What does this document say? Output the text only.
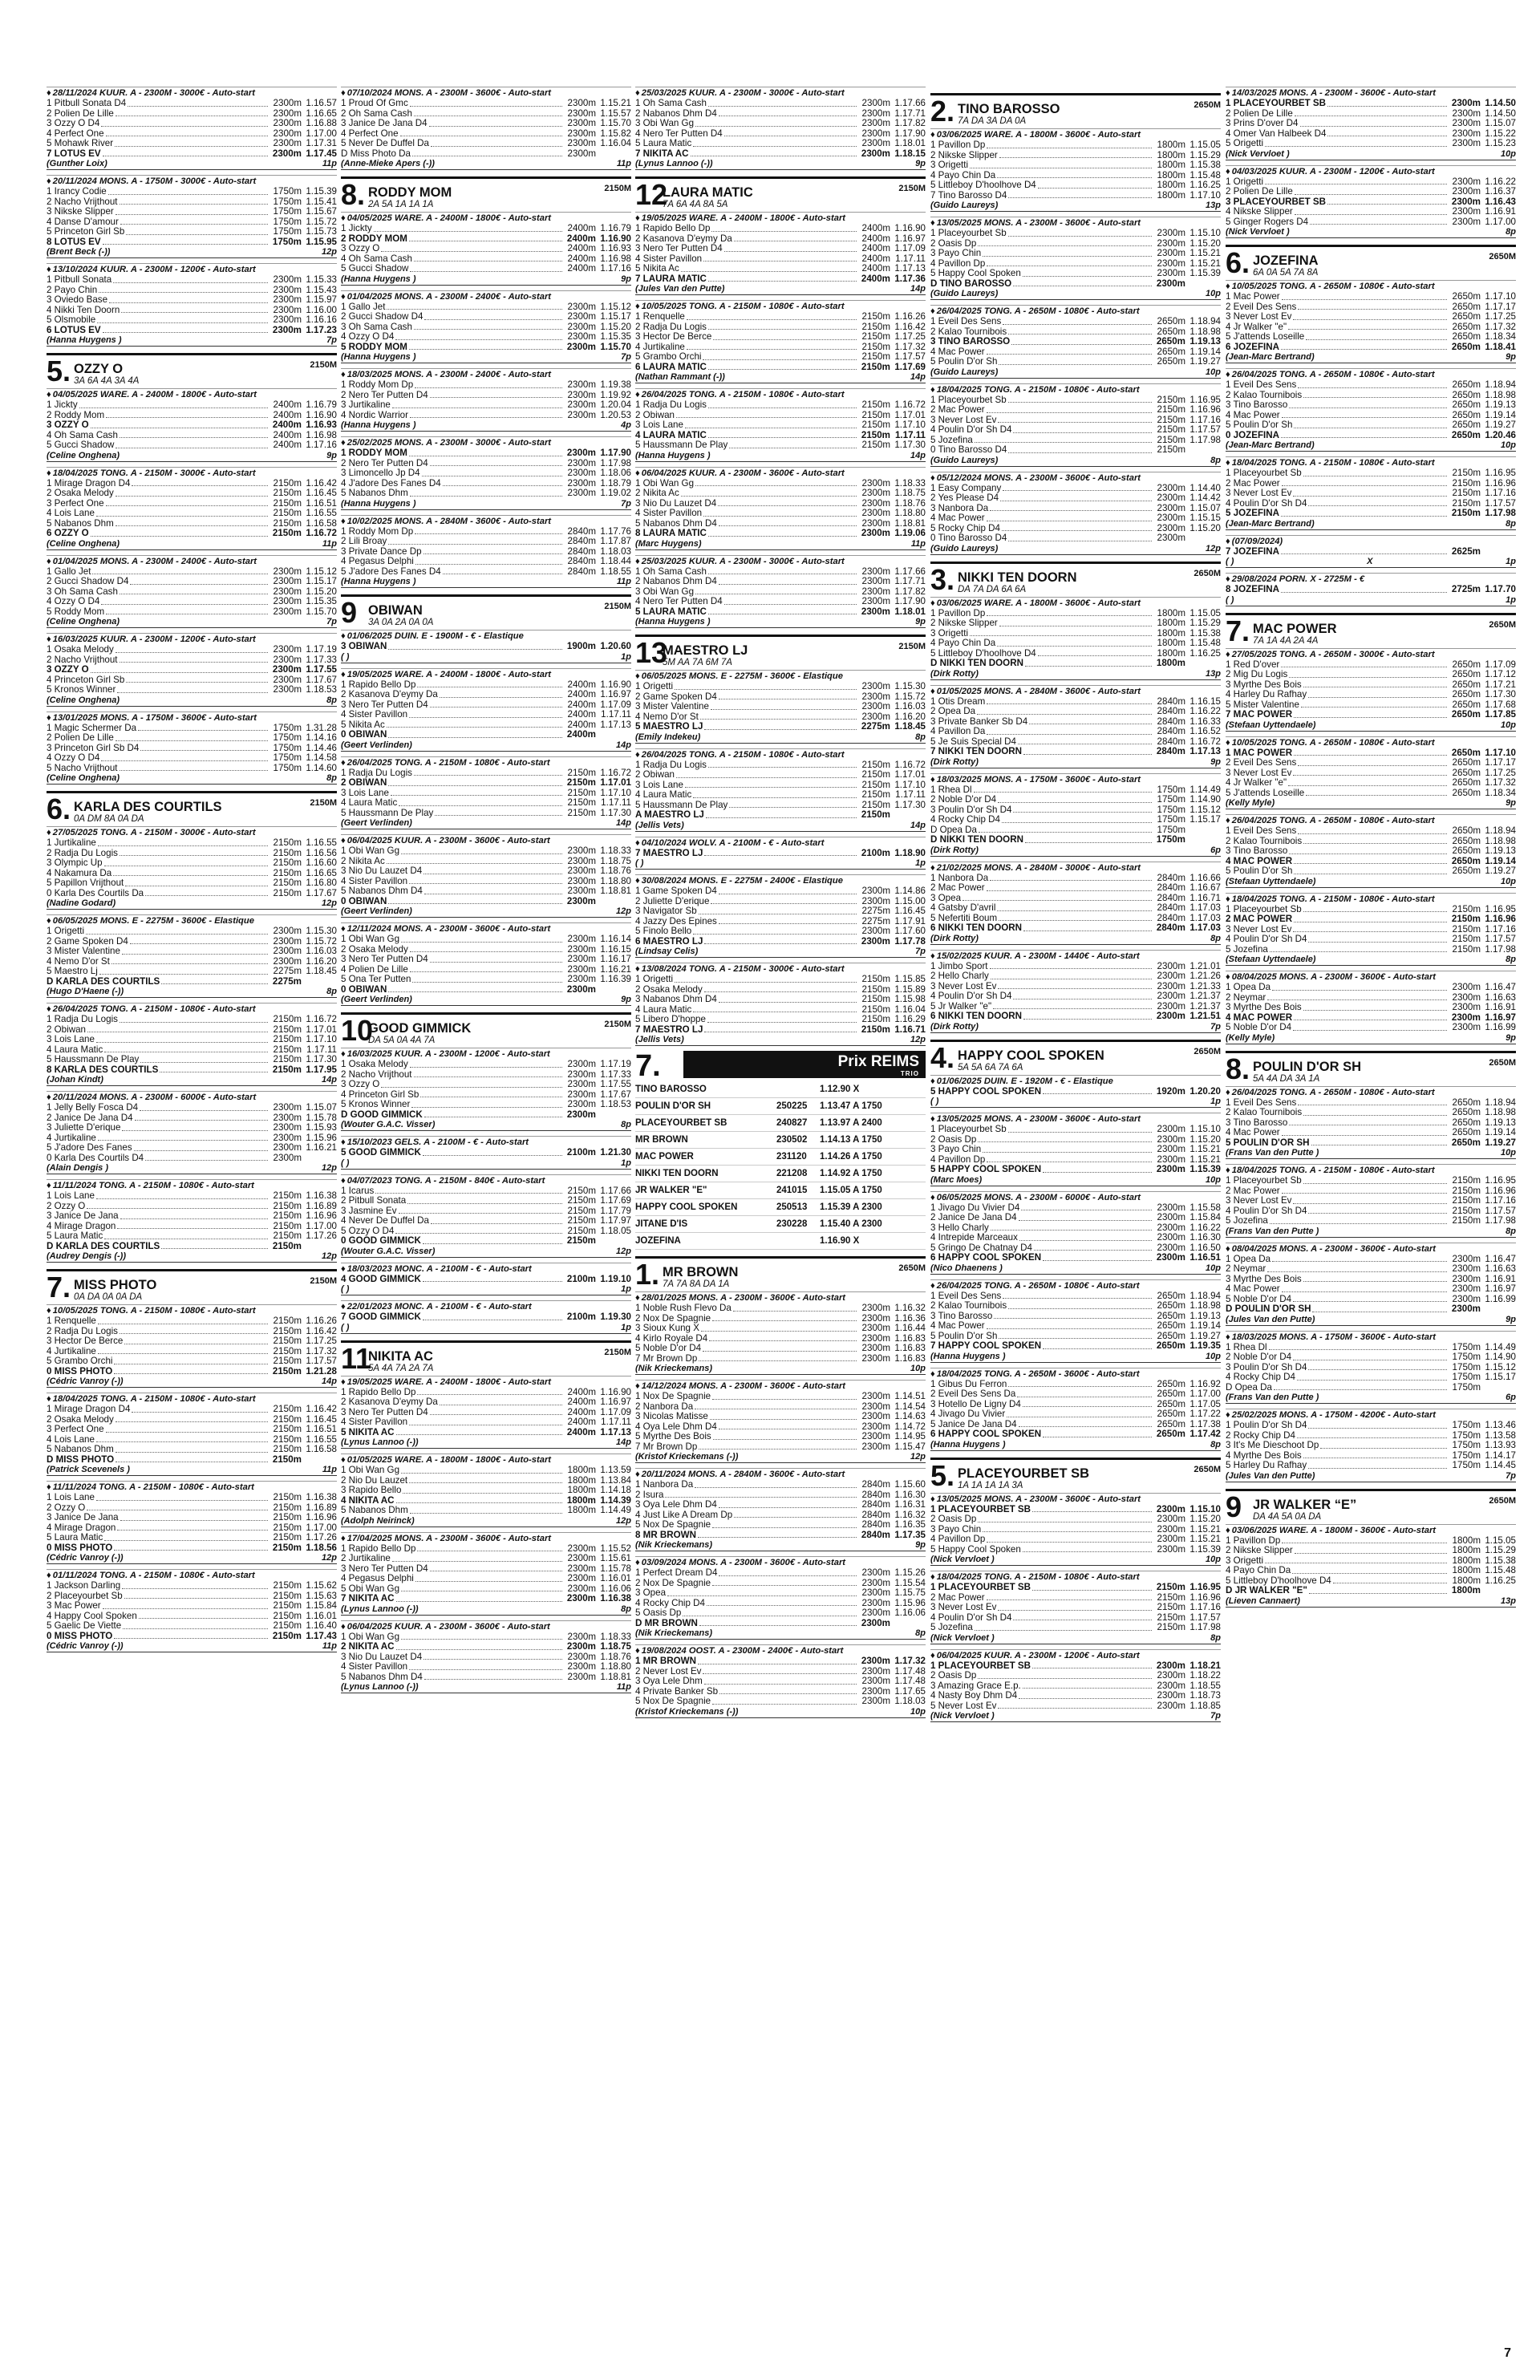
♦ 28/11/2024 KUUR. A - 2300M - 3000€ - Auto-start
1 Pitbull Sonata D4	2300m 1.16.57
2 Polien De Lille	2300m 1.16.65
3 Ozzy O D4	2300m 1.16.88
4 Perfect One	2300m 1.17.00
5 Mohawk River	2300m 1.17.31
7 LOTUS EV	2300m 1.17.45
(Gunther Loix)	11p
♦ 20/11/2024 MONS. A - 1750M - 3000€ - Auto-start
1 Irancy Codie	1750m 1.15.39
2 Nacho Vrijthout	1750m 1.15.41
3 Nikske Slipper	1750m 1.15.67
4 Danse D'amour	1750m 1.15.72
5 Princeton Girl Sb	1750m 1.15.73
8 LOTUS EV	1750m 1.15.95
(Brent Beck (-))	12p
♦ 13/10/2024 KUUR. A - 2300M - 1200€ - Auto-start
1 Pitbull Sonata	2300m 1.15.33
2 Payo Chin	2300m 1.15.43
3 Oviedo Base	2300m 1.15.97
4 Nikki Ten Doorn	2300m 1.16.00
5 Olsmobile	2300m 1.16.16
6 LOTUS EV	2300m 1.17.23
(Hanna Huygens )	7p
5. OZZY O
3A 6A 4A 3A 4A
2150M
♦ 04/05/2025 WARE. A - 2400M - 1800€ - Auto-start
1 Jickty	2400m 1.16.79
2 Roddy Mom	2400m 1.16.90
3 OZZY O	2400m 1.16.93
4 Oh Sama Cash	2400m 1.16.98
5 Gucci Shadow	2400m 1.17.16
(Celine Onghena)	9p
♦ 18/04/2025 TONG. A - 2150M - 3000€ - Auto-start
1 Mirage Dragon D4	2150m 1.16.42
2 Osaka Melody	2150m 1.16.45
3 Perfect One	2150m 1.16.51
4 Lois Lane	2150m 1.16.55
5 Nabanos Dhm	2150m 1.16.58
6 OZZY O	2150m 1.16.72
(Celine Onghena)	11p
♦ 01/04/2025 MONS. A - 2300M - 2400€ - Auto-start
1 Gallo Jet	2300m 1.15.12
2 Gucci Shadow D4	2300m 1.15.17
3 Oh Sama Cash	2300m 1.15.20
4 Ozzy O D4	2300m 1.15.35
5 Roddy Mom	2300m 1.15.70
(Celine Onghena)	7p
♦ 16/03/2025 KUUR. A - 2300M - 1200€ - Auto-start
1 Osaka Melody	2300m 1.17.19
2 Nacho Vrijthout	2300m 1.17.33
3 OZZY O	2300m 1.17.55
4 Princeton Girl Sb	2300m 1.17.67
5 Kronos Winner	2300m 1.18.53
(Celine Onghena)	8p
♦ 13/01/2025 MONS. A - 1750M - 3600€ - Auto-start
1 Magic Schermer Da	1750m 1.31.28
2 Polien De Lille	1750m 1.14.16
3 Princeton Girl Sb D4	1750m 1.14.46
4 Ozzy O D4	1750m 1.14.58
5 Nacho Vrijthout	1750m 1.14.60
(Celine Onghena)	8p
6. KARLA DES COURTILS
0A DM 8A 0A DA
2150M
♦ 27/05/2025 TONG. A - 2150M - 3000€ - Auto-start
1 Jurtikaline	2150m 1.16.55
2 Radja Du Logis	2150m 1.16.56
3 Olympic Up	2150m 1.16.60
4 Nakamura Da	2150m 1.16.65
5 Papillon Vrijthout	2150m 1.16.80
0 Karla Des Courtils Da	2150m 1.17.67
(Nadine Godard)	12p
♦ 06/05/2025 MONS. E - 2275M - 3600€ - Elastique
1 Origetti	2300m 1.15.30
2 Game Spoken D4	2300m 1.15.72
3 Mister Valentine	2300m 1.16.03
4 Nemo D'or St	2300m 1.16.20
5 Maestro Lj	2275m 1.18.45
D KARLA DES COURTILS	2275m
(Hugo D'Haene (-))	8p
♦ 26/04/2025 TONG. A - 2150M - 1080€ - Auto-start
1 Radja Du Logis	2150m 1.16.72
2 Obiwan	2150m 1.17.01
3 Lois Lane	2150m 1.17.10
4 Laura Matic	2150m 1.17.11
5 Haussmann De Play	2150m 1.17.30
8 KARLA DES COURTILS	2150m 1.17.95
(Johan Kindt)	14p
♦ 20/11/2024 MONS. A - 2300M - 6000€ - Auto-start
1 Jelly Belly Fosca D4	2300m 1.15.07
2 Janice De Jana D4	2300m 1.15.78
3 Juliette D'erique	2300m 1.15.93
4 Jurtikaline	2300m 1.15.96
5 J'adore Des Fanes	2300m 1.16.21
0 Karla Des Courtils D4	2300m
(Alain Dengis )	12p
♦ 11/11/2024 TONG. A - 2150M - 1080€ - Auto-start
1 Lois Lane	2150m 1.16.38
2 Ozzy O	2150m 1.16.89
3 Janice De Jana	2150m 1.16.96
4 Mirage Dragon	2150m 1.17.00
5 Laura Matic	2150m 1.17.26
D KARLA DES COURTILS	2150m
(Audrey Dengis (-))	12p
7. MISS PHOTO
0A DA 0A 0A DA
2150M
♦ 10/05/2025 TONG. A - 2150M - 1080€ - Auto-start
1 Renquelle	2150m 1.16.26
2 Radja Du Logis	2150m 1.16.42
3 Hector De Berce	2150m 1.17.25
4 Jurtikaline	2150m 1.17.32
5 Grambo Orchi	2150m 1.17.57
0 MISS PHOTO	2150m 1.21.28
(Cédric Vanroy (-))	14p
♦ 18/04/2025 TONG. A - 2150M - 1080€ - Auto-start
1 Mirage Dragon D4	2150m 1.16.42
2 Osaka Melody	2150m 1.16.45
3 Perfect One	2150m 1.16.51
4 Lois Lane	2150m 1.16.55
5 Nabanos Dhm	2150m 1.16.58
D MISS PHOTO	2150m
(Patrick Scevenels )	11p
♦ 11/11/2024 TONG. A - 2150M - 1080€ - Auto-start
1 Lois Lane	2150m 1.16.38
2 Ozzy O	2150m 1.16.89
3 Janice De Jana	2150m 1.16.96
4 Mirage Dragon	2150m 1.17.00
5 Laura Matic	2150m 1.17.26
0 MISS PHOTO	2150m 1.18.56
(Cédric Vanroy (-))	12p
♦ 01/11/2024 TONG. A - 2150M - 1080€ - Auto-start
1 Jackson Darling	2150m 1.15.62
2 Placeyourbet Sb	2150m 1.15.63
3 Mac Power	2150m 1.15.84
4 Happy Cool Spoken	2150m 1.16.01
5 Gaelic De Viette	2150m 1.16.40
0 MISS PHOTO	2150m 1.17.43
(Cédric Vanroy (-))	11p
♦ 07/10/2024 MONS. A - 2300M - 3600€ - Auto-start
1 Proud Of Gmc	2300m 1.15.21
2 Oh Sama Cash	2300m 1.15.57
3 Janice De Jana D4	2300m 1.15.70
4 Perfect One	2300m 1.15.82
5 Never De Duffel Da	2300m 1.16.04
D Miss Photo Da	2300m
(Anne-Mieke Apers (-))	11p
8. RODDY MOM
2A 5A 1A 1A 1A
2150M
♦ 04/05/2025 WARE. A - 2400M - 1800€ - Auto-start
1 Jickty	2400m 1.16.79
2 RODDY MOM	2400m 1.16.90
3 Ozzy O	2400m 1.16.93
4 Oh Sama Cash	2400m 1.16.98
5 Gucci Shadow	2400m 1.17.16
(Hanna Huygens )	9p
♦ 01/04/2025 MONS. A - 2300M - 2400€ - Auto-start
1 Gallo Jet	2300m 1.15.12
2 Gucci Shadow D4	2300m 1.15.17
3 Oh Sama Cash	2300m 1.15.20
4 Ozzy O D4	2300m 1.15.35
5 RODDY MOM	2300m 1.15.70
(Hanna Huygens )	7p
♦ 18/03/2025 MONS. A - 2300M - 2400€ - Auto-start
1 Roddy Mom Dp	2300m 1.19.38
2 Nero Ter Putten D4	2300m 1.19.92
3 Jurtikaline	2300m 1.20.04
4 Nordic Warrior	2300m 1.20.53
(Hanna Huygens )	4p
♦ 25/02/2025 MONS. A - 2300M - 3000€ - Auto-start
1 RODDY MOM	2300m 1.17.90
2 Nero Ter Putten D4	2300m 1.17.98
3 Limoncello Jp D4	2300m 1.18.06
4 J'adore Des Fanes D4	2300m 1.18.79
5 Nabanos Dhm	2300m 1.19.02
(Hanna Huygens )	7p
♦ 10/02/2025 MONS. A - 2840M - 3600€ - Auto-start
1 Roddy Mom Dp	2840m 1.17.76
2 Lili Broay	2840m 1.17.87
3 Private Dance Dp	2840m 1.18.03
4 Pegasus Delphi	2840m 1.18.44
5 J'adore Des Fanes D4	2840m 1.18.55
(Hanna Huygens )	11p
9 OBIWAN
3A 0A 2A 0A 0A
2150M
♦ 01/06/2025 DUIN. E - 1900M - € - Elastique
3 OBIWAN	1900m 1.20.60
( )	1p
♦ 19/05/2025 WARE. A - 2400M - 1800€ - Auto-start
1 Rapido Bello Dp	2400m 1.16.90
2 Kasanova D'eymy Da	2400m 1.16.97
3 Nero Ter Putten D4	2400m 1.17.09
4 Sister Pavillon	2400m 1.17.11
5 Nikita Ac	2400m 1.17.13
0 OBIWAN	2400m
(Geert Verlinden)	14p
♦ 26/04/2025 TONG. A - 2150M - 1080€ - Auto-start
1 Radja Du Logis	2150m 1.16.72
2 OBIWAN	2150m 1.17.01
3 Lois Lane	2150m 1.17.10
4 Laura Matic	2150m 1.17.11
5 Haussmann De Play	2150m 1.17.30
(Geert Verlinden)	14p
♦ 06/04/2025 KUUR. A - 2300M - 3600€ - Auto-start
1 Obi Wan Gg	2300m 1.18.33
2 Nikita Ac	2300m 1.18.75
3 Nio Du Lauzet D4	2300m 1.18.76
4 Sister Pavillon	2300m 1.18.80
5 Nabanos Dhm D4	2300m 1.18.81
0 OBIWAN	2300m
(Geert Verlinden)	12p
♦ 12/11/2024 MONS. A - 2300M - 3600€ - Auto-start
1 Obi Wan Gg	2300m 1.16.14
2 Osaka Melody	2300m 1.16.15
3 Nero Ter Putten D4	2300m 1.16.17
4 Polien De Lille	2300m 1.16.21
5 Ona Ter Putten	2300m 1.16.39
0 OBIWAN	2300m
(Geert Verlinden)	9p
10
GOOD GIMMICK
DA 5A 0A 4A 7A
2150M
♦ 16/03/2025 KUUR. A - 2300M - 1200€ - Auto-start
1 Osaka Melody	2300m 1.17.19
2 Nacho Vrijthout	2300m 1.17.33
3 Ozzy O	2300m 1.17.55
4 Princeton Girl Sb	2300m 1.17.67
5 Kronos Winner	2300m 1.18.53
D GOOD GIMMICK	2300m
(Wouter G.A.C. Visser)	8p
♦ 15/10/2023 GELS. A - 2100M - € - Auto-start
5 GOOD GIMMICK	2100m 1.21.30
( )	1p
♦ 04/07/2023 TONG. A - 2150M - 840€ - Auto-start
1 Icarus	2150m 1.17.66
2 Pitbull Sonata	2150m 1.17.69
3 Jasmine Ev	2150m 1.17.79
4 Never De Duffel Da	2150m 1.17.97
5 Ozzy O D4	2150m 1.18.05
0 GOOD GIMMICK	2150m
(Wouter G.A.C. Visser)	12p
♦ 18/03/2023 MONC. A - 2100M - € - Auto-start
4 GOOD GIMMICK	2100m 1.19.10
( )	1p
♦ 22/01/2023 MONC. A - 2100M - € - Auto-start
7 GOOD GIMMICK	2100m 1.19.30
( )	1p
11
NIKITA AC
5A 4A 7A 2A 7A
2150M
♦ 19/05/2025 WARE. A - 2400M - 1800€ - Auto-start
1 Rapido Bello Dp	2400m 1.16.90
2 Kasanova D'eymy Da	2400m 1.16.97
3 Nero Ter Putten D4	2400m 1.17.09
4 Sister Pavillon	2400m 1.17.11
5 NIKITA AC	2400m 1.17.13
(Lynus Lannoo (-))	14p
♦ 01/05/2025 WARE. A - 1800M - 1800€ - Auto-start
1 Obi Wan Gg	1800m 1.13.59
2 Nio Du Lauzet	1800m 1.13.84
3 Rapido Bello	1800m 1.14.18
4 NIKITA AC	1800m 1.14.39
5 Nabanos Dhm	1800m 1.14.49
(Adolph Neirinck)	12p
♦ 17/04/2025 MONS. A - 2300M - 3600€ - Auto-start
1 Rapido Bello Dp	2300m 1.15.52
2 Jurtikaline	2300m 1.15.61
3 Nero Ter Putten D4	2300m 1.15.78
4 Pegasus Delphi	2300m 1.16.01
5 Obi Wan Gg	2300m 1.16.06
7 NIKITA AC	2300m 1.16.38
(Lynus Lannoo (-))	8p
♦ 06/04/2025 KUUR. A - 2300M - 3600€ - Auto-start
1 Obi Wan Gg	2300m 1.18.33
2 NIKITA AC	2300m 1.18.75
3 Nio Du Lauzet D4	2300m 1.18.76
4 Sister Pavillon	2300m 1.18.80
5 Nabanos Dhm D4	2300m 1.18.81
(Lynus Lannoo (-))	11p
♦ 25/03/2025 KUUR. A - 2300M - 3000€ - Auto-start
1 Oh Sama Cash	2300m 1.17.66
2 Nabanos Dhm D4	2300m 1.17.71
3 Obi Wan Gg	2300m 1.17.82
4 Nero Ter Putten D4	2300m 1.17.90
5 Laura Matic	2300m 1.18.01
7 NIKITA AC	2300m 1.18.15
(Lynus Lannoo (-))	9p
12
LAURA MATIC
7A 6A 4A 8A 5A
2150M
♦ 19/05/2025 WARE. A - 2400M - 1800€ - Auto-start
1 Rapido Bello Dp	2400m 1.16.90
2 Kasanova D'eymy Da	2400m 1.16.97
3 Nero Ter Putten D4	2400m 1.17.09
4 Sister Pavillon	2400m 1.17.11
5 Nikita Ac	2400m 1.17.13
7 LAURA MATIC	2400m 1.17.36
(Jules Van den Putte)	14p
♦ 10/05/2025 TONG. A - 2150M - 1080€ - Auto-start
1 Renquelle	2150m 1.16.26
2 Radja Du Logis	2150m 1.16.42
3 Hector De Berce	2150m 1.17.25
4 Jurtikaline	2150m 1.17.32
5 Grambo Orchi	2150m 1.17.57
6 LAURA MATIC	2150m 1.17.69
(Nathan Rammant (-))	14p
♦ 26/04/2025 TONG. A - 2150M - 1080€ - Auto-start
1 Radja Du Logis	2150m 1.16.72
2 Obiwan	2150m 1.17.01
3 Lois Lane	2150m 1.17.10
4 LAURA MATIC	2150m 1.17.11
5 Haussmann De Play	2150m 1.17.30
(Hanna Huygens )	14p
♦ 06/04/2025 KUUR. A - 2300M - 3600€ - Auto-start
1 Obi Wan Gg	2300m 1.18.33
2 Nikita Ac	2300m 1.18.75
3 Nio Du Lauzet D4	2300m 1.18.76
4 Sister Pavillon	2300m 1.18.80
5 Nabanos Dhm D4	2300m 1.18.81
8 LAURA MATIC	2300m 1.19.06
(Marc Huygens)	11p
♦ 25/03/2025 KUUR. A - 2300M - 3000€ - Auto-start
1 Oh Sama Cash	2300m 1.17.66
2 Nabanos Dhm D4	2300m 1.17.71
3 Obi Wan Gg	2300m 1.17.82
4 Nero Ter Putten D4	2300m 1.17.90
5 LAURA MATIC	2300m 1.18.01
(Hanna Huygens )	9p
13
MAESTRO LJ
5M AA 7A 6M 7A
2150M
♦ 06/05/2025 MONS. E - 2275M - 3600€ - Elastique
1 Origetti	2300m 1.15.30
2 Game Spoken D4	2300m 1.15.72
3 Mister Valentine	2300m 1.16.03
4 Nemo D'or St	2300m 1.16.20
5 MAESTRO LJ	2275m 1.18.45
(Emily Indekeu)	8p
♦ 26/04/2025 TONG. A - 2150M - 1080€ - Auto-start
1 Radja Du Logis	2150m 1.16.72
2 Obiwan	2150m 1.17.01
3 Lois Lane	2150m 1.17.10
4 Laura Matic	2150m 1.17.11
5 Haussmann De Play	2150m 1.17.30
A MAESTRO LJ	2150m
(Jellis Vets)	14p
♦ 04/10/2024 WOLV. A - 2100M - € - Auto-start
7 MAESTRO LJ	2100m 1.18.90
( )	1p
♦ 30/08/2024 MONS. E - 2275M - 2400€ - Elastique
1 Game Spoken D4	2300m 1.14.86
2 Juliette D'erique	2300m 1.15.00
3 Navigator Sb	2275m 1.16.45
4 Jazzy Des Epines	2275m 1.17.91
5 Finolo Bello	2300m 1.17.60
6 MAESTRO LJ	2300m 1.17.78
(Lindsay Celis)	7p
♦ 13/08/2024 TONG. A - 2150M - 3000€ - Auto-start
1 Origetti	2150m 1.15.85
2 Osaka Melody	2150m 1.15.89
3 Nabanos Dhm D4	2150m 1.15.98
4 Laura Matic	2150m 1.16.04
5 Libero D'hoppe	2150m 1.16.29
7 MAESTRO LJ	2150m 1.16.71
(Jellis Vets)	12p
7.	Prix REIMS
TRIO
TINO BAROSSO	1.12.90 X
POULIN D'OR SH	250225	1.13.47 A 1750
PLACEYOURBET SB	240827	1.13.97 A 2400
MR BROWN	230502	1.14.13 A 1750
MAC POWER	231120	1.14.26 A 1750
NIKKI TEN DOORN	221208	1.14.92 A 1750
JR WALKER "E"	241015	1.15.05 A 1750
HAPPY COOL SPOKEN	250513	1.15.39 A 2300
JITANE D'IS	230228	1.15.40 A 2300
JOZEFINA	1.16.90 X
1. MR BROWN
7A 7A 8A DA 1A
2650M
♦ 28/01/2025 MONS. A - 2300M - 3600€ - Auto-start
1 Noble Rush Flevo Da	2300m 1.16.32
2 Nox De Spagnie	2300m 1.16.36
3 Sioux Kung X	2300m 1.16.44
4 Kirlo Royale D4	2300m 1.16.83
5 Noble D'or D4	2300m 1.16.83
7 Mr Brown Dp	2300m 1.16.83
(Nik Krieckemans)	10p
♦ 14/12/2024 MONS. A - 2300M - 3600€ - Auto-start
1 Nox De Spagnie	2300m 1.14.51
2 Nanbora Da	2300m 1.14.54
3 Nicolas Matisse	2300m 1.14.63
4 Oya Lele Dhm D4	2300m 1.14.72
5 Myrthe Des Bois	2300m 1.14.95
7 Mr Brown Dp	2300m 1.15.47
(Kristof Krieckemans (-))	12p
♦ 20/11/2024 MONS. A - 2840M - 3600€ - Auto-start
1 Nanbora Da	2840m 1.15.60
2 Isura	2840m 1.16.30
3 Oya Lele Dhm D4	2840m 1.16.31
4 Just Like A Dream Dp	2840m 1.16.32
5 Nox De Spagnie	2840m 1.16.35
8 MR BROWN	2840m 1.17.35
(Nik Krieckemans)	9p
♦ 03/09/2024 MONS. A - 2300M - 3600€ - Auto-start
1 Perfect Dream D4	2300m 1.15.26
2 Nox De Spagnie	2300m 1.15.54
3 Opea	2300m 1.15.75
4 Rocky Chip D4	2300m 1.15.96
5 Oasis Dp	2300m 1.16.06
D MR BROWN	2300m
(Nik Krieckemans)	8p
♦ 19/08/2024 OOST. A - 2300M - 2400€ - Auto-start
1 MR BROWN	2300m 1.17.32
2 Never Lost Ev	2300m 1.17.48
3 Oya Lele Dhm	2300m 1.17.48
4 Private Banker Sb	2300m 1.17.65
5 Nox De Spagnie	2300m 1.18.03
(Kristof Krieckemans (-))	10p
2. TINO BAROSSO
7A DA 3A DA 0A
2650M
♦ 03/06/2025 WARE. A - 1800M - 3600€ - Auto-start
1 Pavillon Dp	1800m 1.15.05
2 Nikske Slipper	1800m 1.15.29
3 Origetti	1800m 1.15.38
4 Payo Chin Da	1800m 1.15.48
5 Littleboy D'hoolhove D4	1800m 1.16.25
7 Tino Barosso D4	1800m 1.17.10
(Guido Laureys)	13p
♦ 13/05/2025 MONS. A - 2300M - 3600€ - Auto-start
1 Placeyourbet Sb	2300m 1.15.10
2 Oasis Dp	2300m 1.15.20
3 Payo Chin	2300m 1.15.21
4 Pavillon Dp	2300m 1.15.21
5 Happy Cool Spoken	2300m 1.15.39
D TINO BAROSSO	2300m
(Guido Laureys)	10p
♦ 26/04/2025 TONG. A - 2650M - 1080€ - Auto-start
1 Eveil Des Sens	2650m 1.18.94
2 Kalao Tournibois	2650m 1.18.98
3 TINO BAROSSO	2650m 1.19.13
4 Mac Power	2650m 1.19.14
5 Poulin D'or Sh	2650m 1.19.27
(Guido Laureys)	10p
♦ 18/04/2025 TONG. A - 2150M - 1080€ - Auto-start
1 Placeyourbet Sb	2150m 1.16.95
2 Mac Power	2150m 1.16.96
3 Never Lost Ev	2150m 1.17.16
4 Poulin D'or Sh D4	2150m 1.17.57
5 Jozefina	2150m 1.17.98
0 Tino Barosso D4	2150m
(Guido Laureys)	8p
♦ 05/12/2024 MONS. A - 2300M - 3600€ - Auto-start
1 Easy Company	2300m 1.14.40
2 Yes Please D4	2300m 1.14.42
3 Nanbora Da	2300m 1.15.07
4 Mac Power	2300m 1.15.15
5 Rocky Chip D4	2300m 1.15.20
0 Tino Barosso D4	2300m
(Guido Laureys)	12p
3. NIKKI TEN DOORN
DA 7A DA 6A 6A
2650M
♦ 03/06/2025 WARE. A - 1800M - 3600€ - Auto-start
1 Pavillon Dp	1800m 1.15.05
2 Nikske Slipper	1800m 1.15.29
3 Origetti	1800m 1.15.38
4 Payo Chin Da	1800m 1.15.48
5 Littleboy D'hoolhove D4	1800m 1.16.25
D NIKKI TEN DOORN	1800m
(Dirk Rotty)	13p
♦ 01/05/2025 MONS. A - 2840M - 3600€ - Auto-start
1 Otis Dream	2840m 1.16.15
2 Opea Da	2840m 1.16.22
3 Private Banker Sb D4	2840m 1.16.33
4 Pavillon Da	2840m 1.16.52
5 Je Suis Special D4	2840m 1.16.72
7 NIKKI TEN DOORN	2840m 1.17.13
(Dirk Rotty)	9p
♦ 18/03/2025 MONS. A - 1750M - 3600€ - Auto-start
1 Rhea Dl	1750m 1.14.49
2 Noble D'or D4	1750m 1.14.90
3 Poulin D'or Sh D4	1750m 1.15.12
4 Rocky Chip D4	1750m 1.15.17
D Opea Da	1750m
D NIKKI TEN DOORN	1750m
(Dirk Rotty)	6p
♦ 21/02/2025 MONS. A - 2840M - 3000€ - Auto-start
1 Nanbora Da	2840m 1.16.66
2 Mac Power	2840m 1.16.67
3 Opea	2840m 1.16.71
4 Gatsby D'avril	2840m 1.17.03
5 Nefertiti Boum	2840m 1.17.03
6 NIKKI TEN DOORN	2840m 1.17.03
(Dirk Rotty)	8p
♦ 15/02/2025 KUUR. A - 2300M - 1440€ - Auto-start
1 Jimbo Sport	2300m 1.21.01
2 Hello Charly	2300m 1.21.26
3 Never Lost Ev	2300m 1.21.33
4 Poulin D'or Sh D4	2300m 1.21.37
5 Jr Walker "e"	2300m 1.21.37
6 NIKKI TEN DOORN	2300m 1.21.51
(Dirk Rotty)	7p
4. HAPPY COOL SPOKEN
5A 5A 6A 7A 6A
2650M
♦ 01/06/2025 DUIN. E - 1920M - € - Elastique
5 HAPPY COOL SPOKEN	1920m 1.20.20
( )	1p
♦ 13/05/2025 MONS. A - 2300M - 3600€ - Auto-start
1 Placeyourbet Sb	2300m 1.15.10
2 Oasis Dp	2300m 1.15.20
3 Payo Chin	2300m 1.15.21
4 Pavillon Dp	2300m 1.15.21
5 HAPPY COOL SPOKEN	2300m 1.15.39
(Marc Moes)	10p
♦ 06/05/2025 MONS. A - 2300M - 6000€ - Auto-start
1 Jivago Du Vivier D4	2300m 1.15.58
2 Janice De Jana D4	2300m 1.15.84
3 Hello Charly	2300m 1.16.22
4 Intrepide Marceaux	2300m 1.16.30
5 Gringo De Chatnay D4	2300m 1.16.50
6 HAPPY COOL SPOKEN	2300m 1.16.51
(Nico Dhaenens )	10p
♦ 26/04/2025 TONG. A - 2650M - 1080€ - Auto-start
1 Eveil Des Sens	2650m 1.18.94
2 Kalao Tournibois	2650m 1.18.98
3 Tino Barosso	2650m 1.19.13
4 Mac Power	2650m 1.19.14
5 Poulin D'or Sh	2650m 1.19.27
7 HAPPY COOL SPOKEN	2650m 1.19.35
(Hanna Huygens )	10p
♦ 18/04/2025 TONG. A - 2650M - 3600€ - Auto-start
1 Gibus Du Ferron	2650m 1.16.92
2 Eveil Des Sens Da	2650m 1.17.00
3 Hotello De Ligny D4	2650m 1.17.05
4 Jivago Du Vivier	2650m 1.17.22
5 Janice De Jana D4	2650m 1.17.38
6 HAPPY COOL SPOKEN	2650m 1.17.42
(Hanna Huygens )	8p
5. PLACEYOURBET SB
1A 1A 1A 1A 3A
2650M
♦ 13/05/2025 MONS. A - 2300M - 3600€ - Auto-start
1 PLACEYOURBET SB	2300m 1.15.10
2 Oasis Dp	2300m 1.15.20
3 Payo Chin	2300m 1.15.21
4 Pavillon Dp	2300m 1.15.21
5 Happy Cool Spoken	2300m 1.15.39
(Nick Vervloet )	10p
♦ 18/04/2025 TONG. A - 2150M - 1080€ - Auto-start
1 PLACEYOURBET SB	2150m 1.16.95
2 Mac Power	2150m 1.16.96
3 Never Lost Ev	2150m 1.17.16
4 Poulin D'or Sh D4	2150m 1.17.57
5 Jozefina	2150m 1.17.98
(Nick Vervloet )	8p
♦ 06/04/2025 KUUR. A - 2300M - 1200€ - Auto-start
1 PLACEYOURBET SB	2300m 1.18.21
2 Oasis Dp	2300m 1.18.22
3 Amazing Grace E.p.	2300m 1.18.55
4 Nasty Boy Dhm D4	2300m 1.18.73
5 Never Lost Ev	2300m 1.18.85
(Nick Vervloet )	7p
♦ 14/03/2025 MONS. A - 2300M - 3600€ - Auto-start
1 PLACEYOURBET SB	2300m 1.14.50
2 Polien De Lille	2300m 1.14.50
3 Prins D'over D4	2300m 1.15.07
4 Omer Van Halbeek D4	2300m 1.15.22
5 Origetti	2300m 1.15.23
(Nick Vervloet )	10p
♦ 04/03/2025 KUUR. A - 2300M - 1200€ - Auto-start
1 Origetti	2300m 1.16.22
2 Polien De Lille	2300m 1.16.37
3 PLACEYOURBET SB	2300m 1.16.43
4 Nikske Slipper	2300m 1.16.91
5 Ginger Rogers D4	2300m 1.17.00
(Nick Vervloet )	8p
6. JOZEFINA
6A 0A 5A 7A 8A
2650M
♦ 10/05/2025 TONG. A - 2650M - 1080€ - Auto-start
1 Mac Power	2650m 1.17.10
2 Eveil Des Sens	2650m 1.17.17
3 Never Lost Ev	2650m 1.17.25
4 Jr Walker "e"	2650m 1.17.32
5 J'attends Loseille	2650m 1.18.34
6 JOZEFINA	2650m 1.18.41
(Jean-Marc Bertrand)	9p
♦ 26/04/2025 TONG. A - 2650M - 1080€ - Auto-start
1 Eveil Des Sens	2650m 1.18.94
2 Kalao Tournibois	2650m 1.18.98
3 Tino Barosso	2650m 1.19.13
4 Mac Power	2650m 1.19.14
5 Poulin D'or Sh	2650m 1.19.27
0 JOZEFINA	2650m 1.20.46
(Jean-Marc Bertrand)	10p
♦ 18/04/2025 TONG. A - 2150M - 1080€ - Auto-start
1 Placeyourbet Sb	2150m 1.16.95
2 Mac Power	2150m 1.16.96
3 Never Lost Ev	2150m 1.17.16
4 Poulin D'or Sh D4	2150m 1.17.57
5 JOZEFINA	2150m 1.17.98
(Jean-Marc Bertrand)	8p
♦ (07/09/2024)
7 JOZEFINA	2625m
( )	X	1p
♦ 29/08/2024 PORN. X - 2725M - €
8 JOZEFINA	2725m 1.17.70
( )	1p
7. MAC POWER
7A 1A 4A 2A 4A
2650M
♦ 27/05/2025 TONG. A - 2650M - 3000€ - Auto-start
1 Red D'over	2650m 1.17.09
2 Mig Du Logis	2650m 1.17.12
3 Myrthe Des Bois	2650m 1.17.21
4 Harley Du Rafhay	2650m 1.17.30
5 Mister Valentine	2650m 1.17.68
7 MAC POWER	2650m 1.17.85
(Stefaan Uyttendaele)	10p
♦ 10/05/2025 TONG. A - 2650M - 1080€ - Auto-start
1 MAC POWER	2650m 1.17.10
2 Eveil Des Sens	2650m 1.17.17
3 Never Lost Ev	2650m 1.17.25
4 Jr Walker "e"	2650m 1.17.32
5 J'attends Loseille	2650m 1.18.34
(Kelly Myle)	9p
♦ 26/04/2025 TONG. A - 2650M - 1080€ - Auto-start
1 Eveil Des Sens	2650m 1.18.94
2 Kalao Tournibois	2650m 1.18.98
3 Tino Barosso	2650m 1.19.13
4 MAC POWER	2650m 1.19.14
5 Poulin D'or Sh	2650m 1.19.27
(Stefaan Uyttendaele)	10p
♦ 18/04/2025 TONG. A - 2150M - 1080€ - Auto-start
1 Placeyourbet Sb	2150m 1.16.95
2 MAC POWER	2150m 1.16.96
3 Never Lost Ev	2150m 1.17.16
4 Poulin D'or Sh D4	2150m 1.17.57
5 Jozefina	2150m 1.17.98
(Stefaan Uyttendaele)	8p
♦ 08/04/2025 MONS. A - 2300M - 3600€ - Auto-start
1 Opea Da	2300m 1.16.47
2 Neymar	2300m 1.16.63
3 Myrthe Des Bois	2300m 1.16.91
4 MAC POWER	2300m 1.16.97
5 Noble D'or D4	2300m 1.16.99
(Kelly Myle)	9p
8. POULIN D'OR SH
5A 4A DA 3A 1A
2650M
♦ 26/04/2025 TONG. A - 2650M - 1080€ - Auto-start
1 Eveil Des Sens	2650m 1.18.94
2 Kalao Tournibois	2650m 1.18.98
3 Tino Barosso	2650m 1.19.13
4 Mac Power	2650m 1.19.14
5 POULIN D'OR SH	2650m 1.19.27
(Frans Van den Putte )	10p
♦ 18/04/2025 TONG. A - 2150M - 1080€ - Auto-start
1 Placeyourbet Sb	2150m 1.16.95
2 Mac Power	2150m 1.16.96
3 Never Lost Ev	2150m 1.17.16
4 Poulin D'or Sh D4	2150m 1.17.57
5 Jozefina	2150m 1.17.98
(Frans Van den Putte )	8p
♦ 08/04/2025 MONS. A - 2300M - 3600€ - Auto-start
1 Opea Da	2300m 1.16.47
2 Neymar	2300m 1.16.63
3 Myrthe Des Bois	2300m 1.16.91
4 Mac Power	2300m 1.16.97
5 Noble D'or D4	2300m 1.16.99
D POULIN D'OR SH	2300m
(Jules Van den Putte)	9p
♦ 18/03/2025 MONS. A - 1750M - 3600€ - Auto-start
1 Rhea Dl	1750m 1.14.49
2 Noble D'or D4	1750m 1.14.90
3 Poulin D'or Sh D4	1750m 1.15.12
4 Rocky Chip D4	1750m 1.15.17
D Opea Da	1750m
(Frans Van den Putte )	6p
♦ 25/02/2025 MONS. A - 1750M - 4200€ - Auto-start
1 Poulin D'or Sh D4	1750m 1.13.46
2 Rocky Chip D4	1750m 1.13.58
3 It's Me Dieschoot Dp	1750m 1.13.93
4 Myrthe Des Bois	1750m 1.14.17
5 Harley Du Rafhay	1750m 1.14.45
(Jules Van den Putte)	7p
9 JR WALKER “E”
DA 4A 5A 0A DA
2650M
♦ 03/06/2025 WARE. A - 1800M - 3600€ - Auto-start
1 Pavillon Dp	1800m 1.15.05
2 Nikske Slipper	1800m 1.15.29
3 Origetti	1800m 1.15.38
4 Payo Chin Da	1800m 1.15.48
5 Littleboy D'hoolhove D4	1800m 1.16.25
D JR WALKER "E"	1800m
(Lieven Cannaert)	13p
7
